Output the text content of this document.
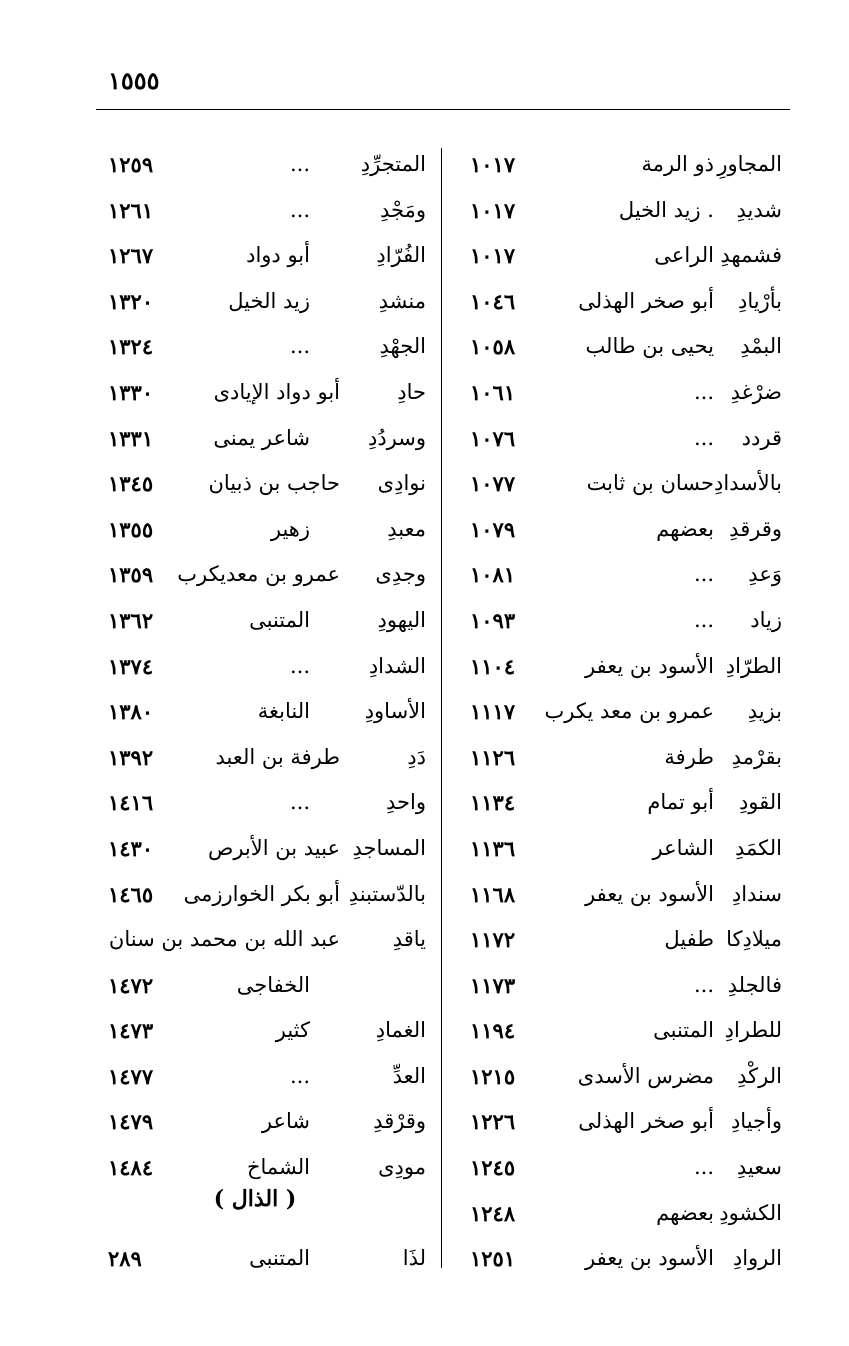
١٥٥٥
المجاورِ
ذو الرمة
١٠١٧
شديدِ
. زيد الخيل
١٠١٧
فشمهدِ
الراعى
١٠١٧
بأرْيادِ
أبو صخر الهذلى
١٠٤٦
البمْدِ
يحيى بن طالب
١٠٥٨
ضرْغدِ
...
١٠٦١
قردد
...
١٠٧٦
بالأسدادِ
حسان بن ثابت
١٠٧٧
وقرقدِ
بعضهم
١٠٧٩
وَعدِ
...
١٠٨١
زياد
...
١٠٩٣
الطرّادِ
الأسود بن يعفر
١١٠٤
بزيدِ
عمرو بن معد يكرب
١١١٧
بقرْمدِ
طرفة
١١٢٦
القودِ
أبو تمام
١١٣٤
الكمَدِ
الشاعر
١١٣٦
سندادِ
الأسود بن يعفر
١١٦٨
ميلادِكا
طفيل
١١٧٢
فالجلدِ
...
١١٧٣
للطرادِ
المتنبى
١١٩٤
الركْدِ
مضرس الأسدى
١٢١٥
وأجيادِ
أبو صخر الهذلى
١٢٢٦
سعيدِ
...
١٢٤٥
الكشودِ
بعضهم
١٢٤٨
الروادِ
الأسود بن يعفر
١٢٥١
المتجرِّدِ
...
١٢٥٩
ومَجْدِ
...
١٢٦١
الفُرّادِ
أبو دواد
١٢٦٧
منشدِ
زيد الخيل
١٣٢٠
الجهْدِ
...
١٣٢٤
حادِ
أبو دواد الإيادى
١٣٣٠
وسردُدِ
شاعر يمنى
١٣٣١
نوادِى
حاجب بن ذبيان
١٣٤٥
معبدِ
زهير
١٣٥٥
وجدِى
عمرو بن معديكرب
١٣٥٩
اليهودِ
المتنبى
١٣٦٢
الشدادِ
...
١٣٧٤
الأساودِ
النابغة
١٣٨٠
دَدِ
طرفة بن العبد
١٣٩٢
واحدِ
...
١٤١٦
المساجدِ
عبيد بن الأبرص
١٤٣٠
بالدّستبندِ
أبو بكر الخوارزمى
١٤٦٥
ياقدِ
عبد الله بن محمد بن سنان
الخفاجى
١٤٧٢
الغمادِ
كثير
١٤٧٣
العدِّ
...
١٤٧٧
وقرْقدِ
شاعر
١٤٧٩
مودِى
الشماخ
١٤٨٤
لذَا
المتنبى
٢٨٩
( الذال )
